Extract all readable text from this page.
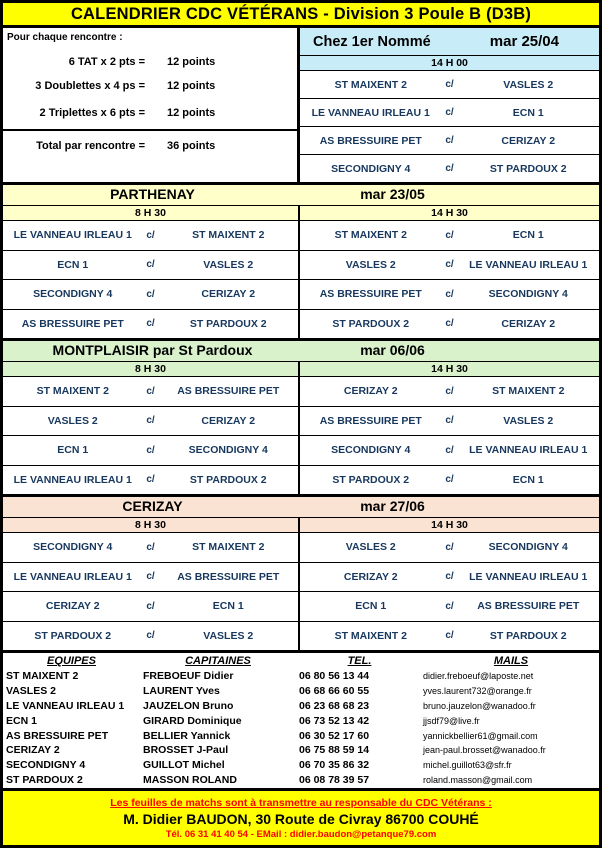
CALENDRIER CDC VÉTÉRANS - Division 3 Poule B (D3B)
Pour chaque rencontre :
6 TAT x 2 pts = 12 points
3 Doublettes x 4 ps = 12 points
2 Triplettes x 6 pts = 12 points
Total par rencontre = 36 points
Chez 1er Nommé	mar 25/04
14 H 00
ST MAIXENT 2	c/	VASLES 2
LE VANNEAU IRLEAU 1	c/	ECN 1
AS BRESSUIRE PET	c/	CERIZAY 2
SECONDIGNY 4	c/	ST PARDOUX 2
PARTHENAY	mar 23/05
8 H 30	14 H 30
LE VANNEAU IRLEAU 1	c/	ST MAIXENT 2
ECN 1	c/	VASLES 2
SECONDIGNY 4	c/	CERIZAY 2
AS BRESSUIRE PET	c/	ST PARDOUX 2
ST MAIXENT 2	c/	ECN 1
VASLES 2	c/	LE VANNEAU IRLEAU 1
AS BRESSUIRE PET	c/	SECONDIGNY 4
ST PARDOUX 2	c/	CERIZAY 2
MONTPLAISIR par St Pardoux	mar 06/06
8 H 30	14 H 30
ST MAIXENT 2	c/	AS BRESSUIRE PET
VASLES 2	c/	CERIZAY 2
ECN 1	c/	SECONDIGNY 4
LE VANNEAU IRLEAU 1	c/	ST PARDOUX 2
CERIZAY 2	c/	ST MAIXENT 2
AS BRESSUIRE PET	c/	VASLES 2
SECONDIGNY 4	c/	LE VANNEAU IRLEAU 1
ST PARDOUX 2	c/	ECN 1
CERIZAY	mar 27/06
8 H 30	14 H 30
SECONDIGNY 4	c/	ST MAIXENT 2
LE VANNEAU IRLEAU 1	c/	AS BRESSUIRE PET
CERIZAY 2	c/	ECN 1
ST PARDOUX 2	c/	VASLES 2
VASLES 2	c/	SECONDIGNY 4
CERIZAY 2	c/	LE VANNEAU IRLEAU 1
ECN 1	c/	AS BRESSUIRE PET
ST MAIXENT 2	c/	ST PARDOUX 2
EQUIPES	CAPITAINES	TEL.	MAILS
ST MAIXENT 2	FREBOEUF Didier	06 80 56 13 44	didier.freboeuf@laposte.net
VASLES 2	LAURENT Yves	06 68 66 60 55	yves.laurent732@orange.fr
LE VANNEAU IRLEAU 1	JAUZELON Bruno	06 23 68 68 23	bruno.jauzelon@wanadoo.fr
ECN 1	GIRARD Dominique	06 73 52 13 42	jjsdf79@live.fr
AS BRESSUIRE PET	BELLIER Yannick	06 30 52 17 60	yannickbellier61@gmail.com
CERIZAY 2	BROSSET J-Paul	06 75 88 59 14	jean-paul.brosset@wanadoo.fr
SECONDIGNY 4	GUILLOT Michel	06 70 35 86 32	michel.guillot63@sfr.fr
ST PARDOUX 2	MASSON ROLAND	06 08 78 39 57	roland.masson@gmail.com
Les feuilles de matchs sont à transmettre au responsable du CDC Vétérans :
M. Didier BAUDON, 30 Route de Civray 86700 COUHÉ
Tél. 06 31 41 40 54 - EMail : didier.baudon@petanque79.com
